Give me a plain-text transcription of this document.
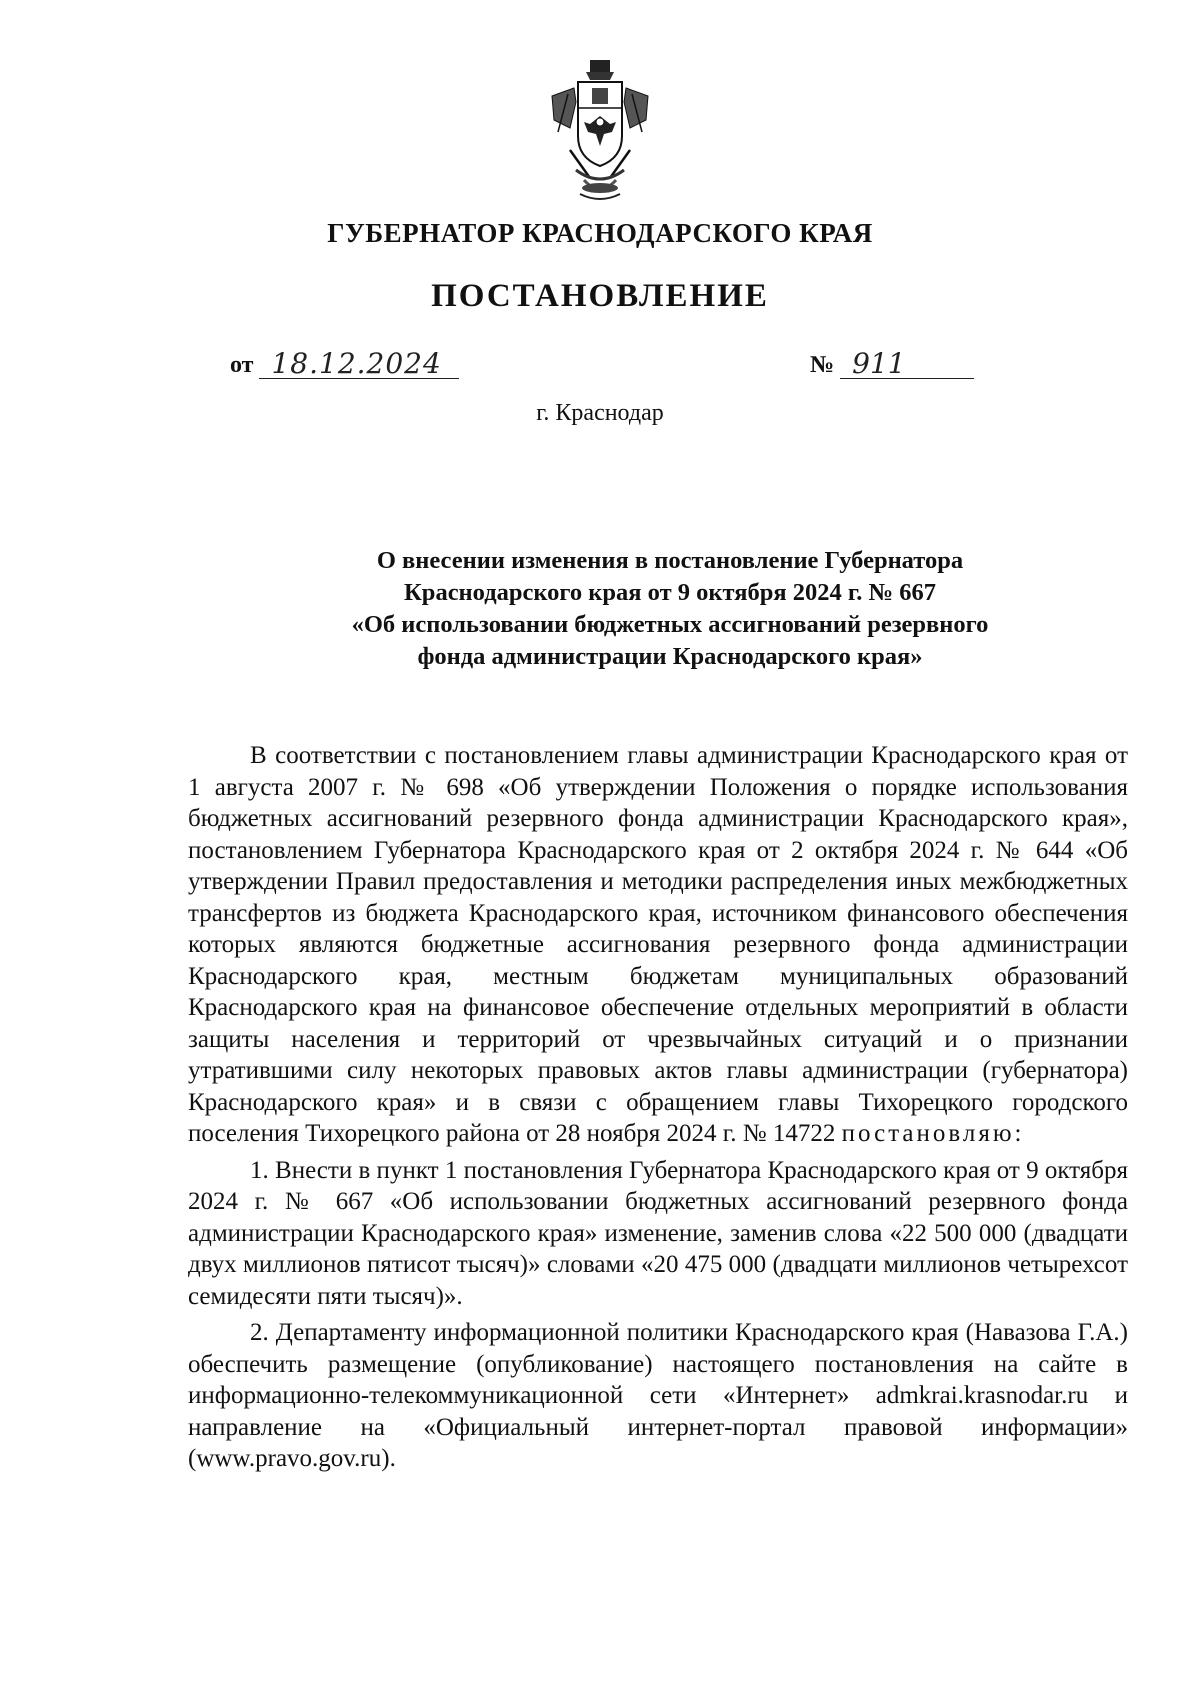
ГУБЕРНАТОР КРАСНОДАРСКОГО КРАЯ
ПОСТАНОВЛЕНИЕ
от 18.12.2024	№ 911
г. Краснодар
О внесении изменения в постановление Губернатора
Краснодарского края от 9 октября 2024 г. № 667
«Об использовании бюджетных ассигнований резервного
фонда администрации Краснодарского края»

В соответствии с постановлением главы администрации Краснодарского края от 1 августа 2007 г. № 698 «Об утверждении Положения о порядке использования бюджетных ассигнований резервного фонда администрации Краснодарского края», постановлением Губернатора Краснодарского края от 2 октября 2024 г. № 644 «Об утверждении Правил предоставления и методики распределения иных межбюджетных трансфертов из бюджета Краснодарского края, источником финансового обеспечения которых являются бюджетные ассигнования резервного фонда администрации Краснодарского края, местным бюджетам муниципальных образований Краснодарского края на финансовое обеспечение отдельных мероприятий в области защиты населения и территорий от чрезвычайных ситуаций и о признании утратившими силу некоторых правовых актов главы администрации (губернатора) Краснодарского края» и в связи с обращением главы Тихорецкого городского поселения Тихорецкого района от 28 ноября 2024 г. № 14722 постановляю:

1. Внести в пункт 1 постановления Губернатора Краснодарского края от 9 октября 2024 г. № 667 «Об использовании бюджетных ассигнований резервного фонда администрации Краснодарского края» изменение, заменив слова «22 500 000 (двадцати двух миллионов пятисот тысяч)» словами «20 475 000 (двадцати миллионов четырехсот семидесяти пяти тысяч)».

2. Департаменту информационной политики Краснодарского края (Навазова Г.А.) обеспечить размещение (опубликование) настоящего постановления на сайте в информационно-телекоммуникационной сети «Интернет» admkrai.krasnodar.ru и направление на «Официальный интернет-портал правовой информации» (www.pravo.gov.ru).
